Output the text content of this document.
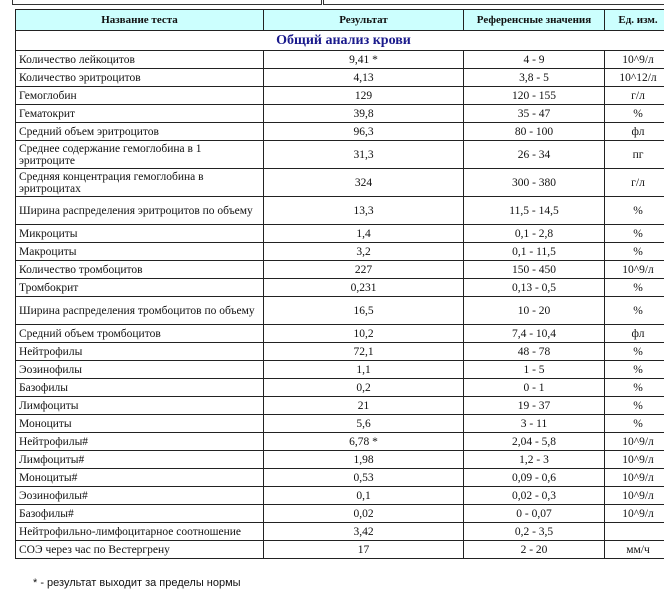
Название теста	Результат	Референсные значения	Ед. изм.
Общий анализ крови			
Количество лейкоцитов	9,41 *	4 - 9	10^9/л
Количество эритроцитов	4,13	3,8 - 5	10^12/л
Гемоглобин	129	120 - 155	г/л
Гематокрит	39,8	35 - 47	%
Средний объем эритроцитов	96,3	80 - 100	фл
Среднее содержание гемоглобина в 1 эритроците	31,3	26 - 34	пг
Средняя концентрация гемоглобина в эритроцитах	324	300 - 380	г/л
Ширина распределения эритроцитов по объему	13,3	11,5 - 14,5	%
Микроциты	1,4	0,1 - 2,8	%
Макроциты	3,2	0,1 - 11,5	%
Количество тромбоцитов	227	150 - 450	10^9/л
Тромбокрит	0,231	0,13 - 0,5	%
Ширина распределения тромбоцитов по объему	16,5	10 - 20	%
Средний объем тромбоцитов	10,2	7,4 - 10,4	фл
Нейтрофилы	72,1	48 - 78	%
Эозинофилы	1,1	1 - 5	%
Базофилы	0,2	0 - 1	%
Лимфоциты	21	19 - 37	%
Моноциты	5,6	3 - 11	%
Нейтрофилы#	6,78 *	2,04 - 5,8	10^9/л
Лимфоциты#	1,98	1,2 - 3	10^9/л
Моноциты#	0,53	0,09 - 0,6	10^9/л
Эозинофилы#	0,1	0,02 - 0,3	10^9/л
Базофилы#	0,02	0 - 0,07	10^9/л
Нейтрофильно-лимфоцитарное соотношение	3,42	0,2 - 3,5	
СОЭ через час по Вестергрену	17	2 - 20	мм/ч
* - результат выходит за пределы нормы
